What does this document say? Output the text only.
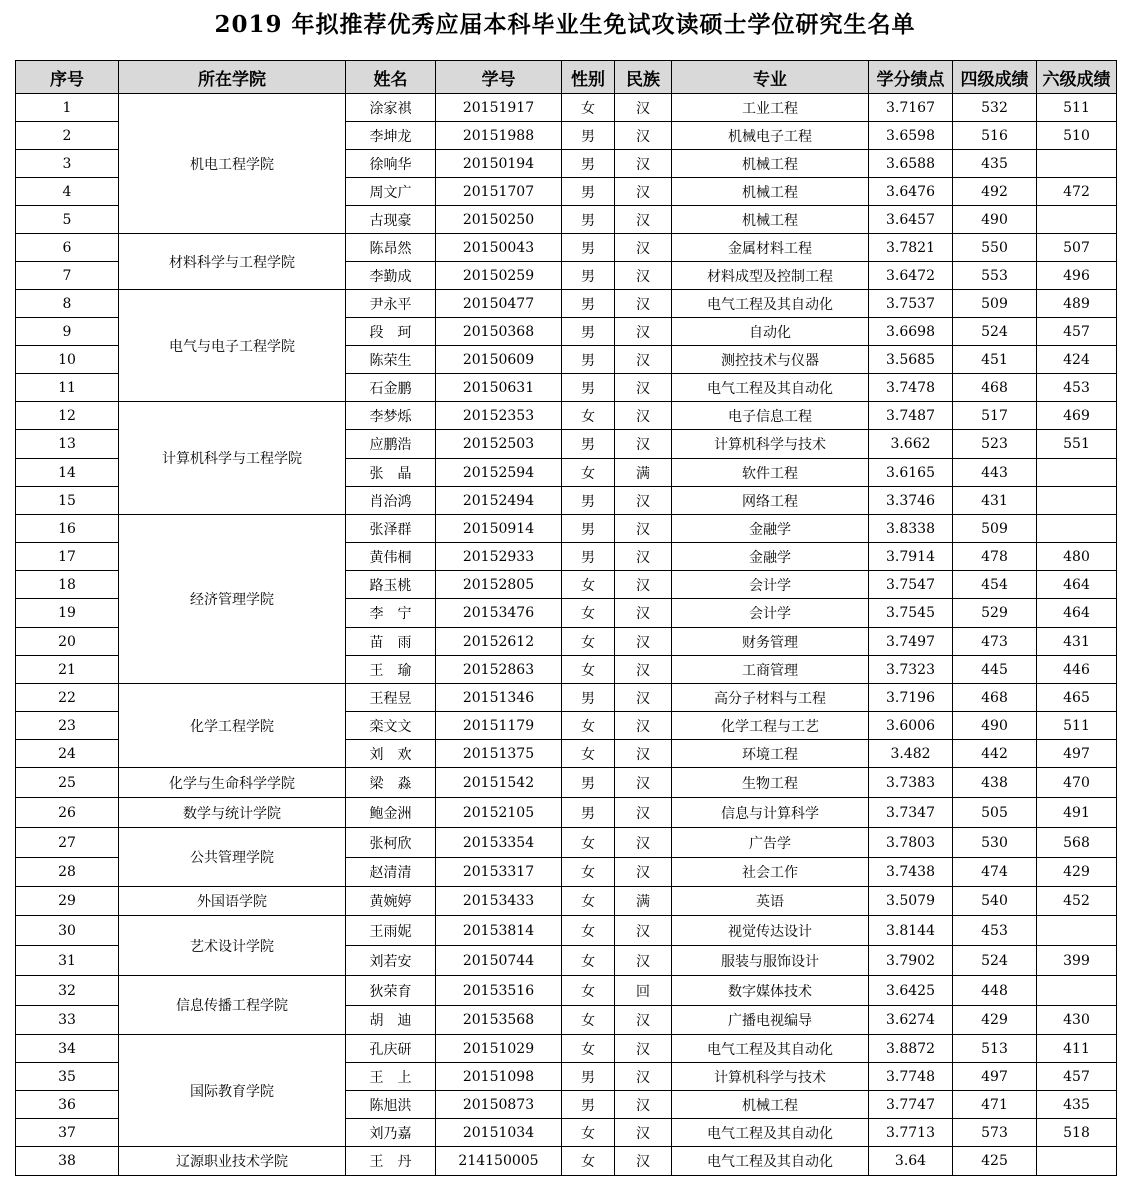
2019 年拟推荐优秀应届本科毕业生免试攻读硕士学位研究生名单
序号	所在学院	姓名	学号	性别	民族	专业	学分绩点	四级成绩	六级成绩
1	机电工程学院	涂家祺	20151917	女	汉	工业工程	3.7167	532	511
2		李坤龙	20151988	男	汉	机械电子工程	3.6598	516	510
3		徐响华	20150194	男	汉	机械工程	3.6588	435	
4		周文广	20151707	男	汉	机械工程	3.6476	492	472
5		古现豪	20150250	男	汉	机械工程	3.6457	490	
6	材料科学与工程学院	陈昂然	20150043	男	汉	金属材料工程	3.7821	550	507
7		李勤成	20150259	男	汉	材料成型及控制工程	3.6472	553	496
8	电气与电子工程学院	尹永平	20150477	男	汉	电气工程及其自动化	3.7537	509	489
9		段　珂	20150368	男	汉	自动化	3.6698	524	457
10		陈荣生	20150609	男	汉	测控技术与仪器	3.5685	451	424
11		石金鹏	20150631	男	汉	电气工程及其自动化	3.7478	468	453
12	计算机科学与工程学院	李梦烁	20152353	女	汉	电子信息工程	3.7487	517	469
13		应鹏浩	20152503	男	汉	计算机科学与技术	3.662	523	551
14		张　晶	20152594	女	满	软件工程	3.6165	443	
15		肖治鸿	20152494	男	汉	网络工程	3.3746	431	
16	经济管理学院	张泽群	20150914	男	汉	金融学	3.8338	509	
17		黄伟桐	20152933	男	汉	金融学	3.7914	478	480
18		路玉桃	20152805	女	汉	会计学	3.7547	454	464
19		李　宁	20153476	女	汉	会计学	3.7545	529	464
20		苗　雨	20152612	女	汉	财务管理	3.7497	473	431
21		王　瑜	20152863	女	汉	工商管理	3.7323	445	446
22	化学工程学院	王程昱	20151346	男	汉	高分子材料与工程	3.7196	468	465
23		栾文文	20151179	女	汉	化学工程与工艺	3.6006	490	511
24		刘　欢	20151375	女	汉	环境工程	3.482	442	497
25	化学与生命科学学院	梁　淼	20151542	男	汉	生物工程	3.7383	438	470
26	数学与统计学院	鲍金洲	20152105	男	汉	信息与计算科学	3.7347	505	491
27	公共管理学院	张柯欣	20153354	女	汉	广告学	3.7803	530	568
28		赵清清	20153317	女	汉	社会工作	3.7438	474	429
29	外国语学院	黄婉婷	20153433	女	满	英语	3.5079	540	452
30	艺术设计学院	王雨妮	20153814	女	汉	视觉传达设计	3.8144	453	
31		刘若安	20150744	女	汉	服装与服饰设计	3.7902	524	399
32	信息传播工程学院	狄荣育	20153516	女	回	数字媒体技术	3.6425	448	
33		胡　迪	20153568	女	汉	广播电视编导	3.6274	429	430
34	国际教育学院	孔庆研	20151029	女	汉	电气工程及其自动化	3.8872	513	411
35		王　上	20151098	男	汉	计算机科学与技术	3.7748	497	457
36		陈旭洪	20150873	男	汉	机械工程	3.7747	471	435
37		刘乃嘉	20151034	女	汉	电气工程及其自动化	3.7713	573	518
38	辽源职业技术学院	王　丹	214150005	女	汉	电气工程及其自动化	3.64	425	
